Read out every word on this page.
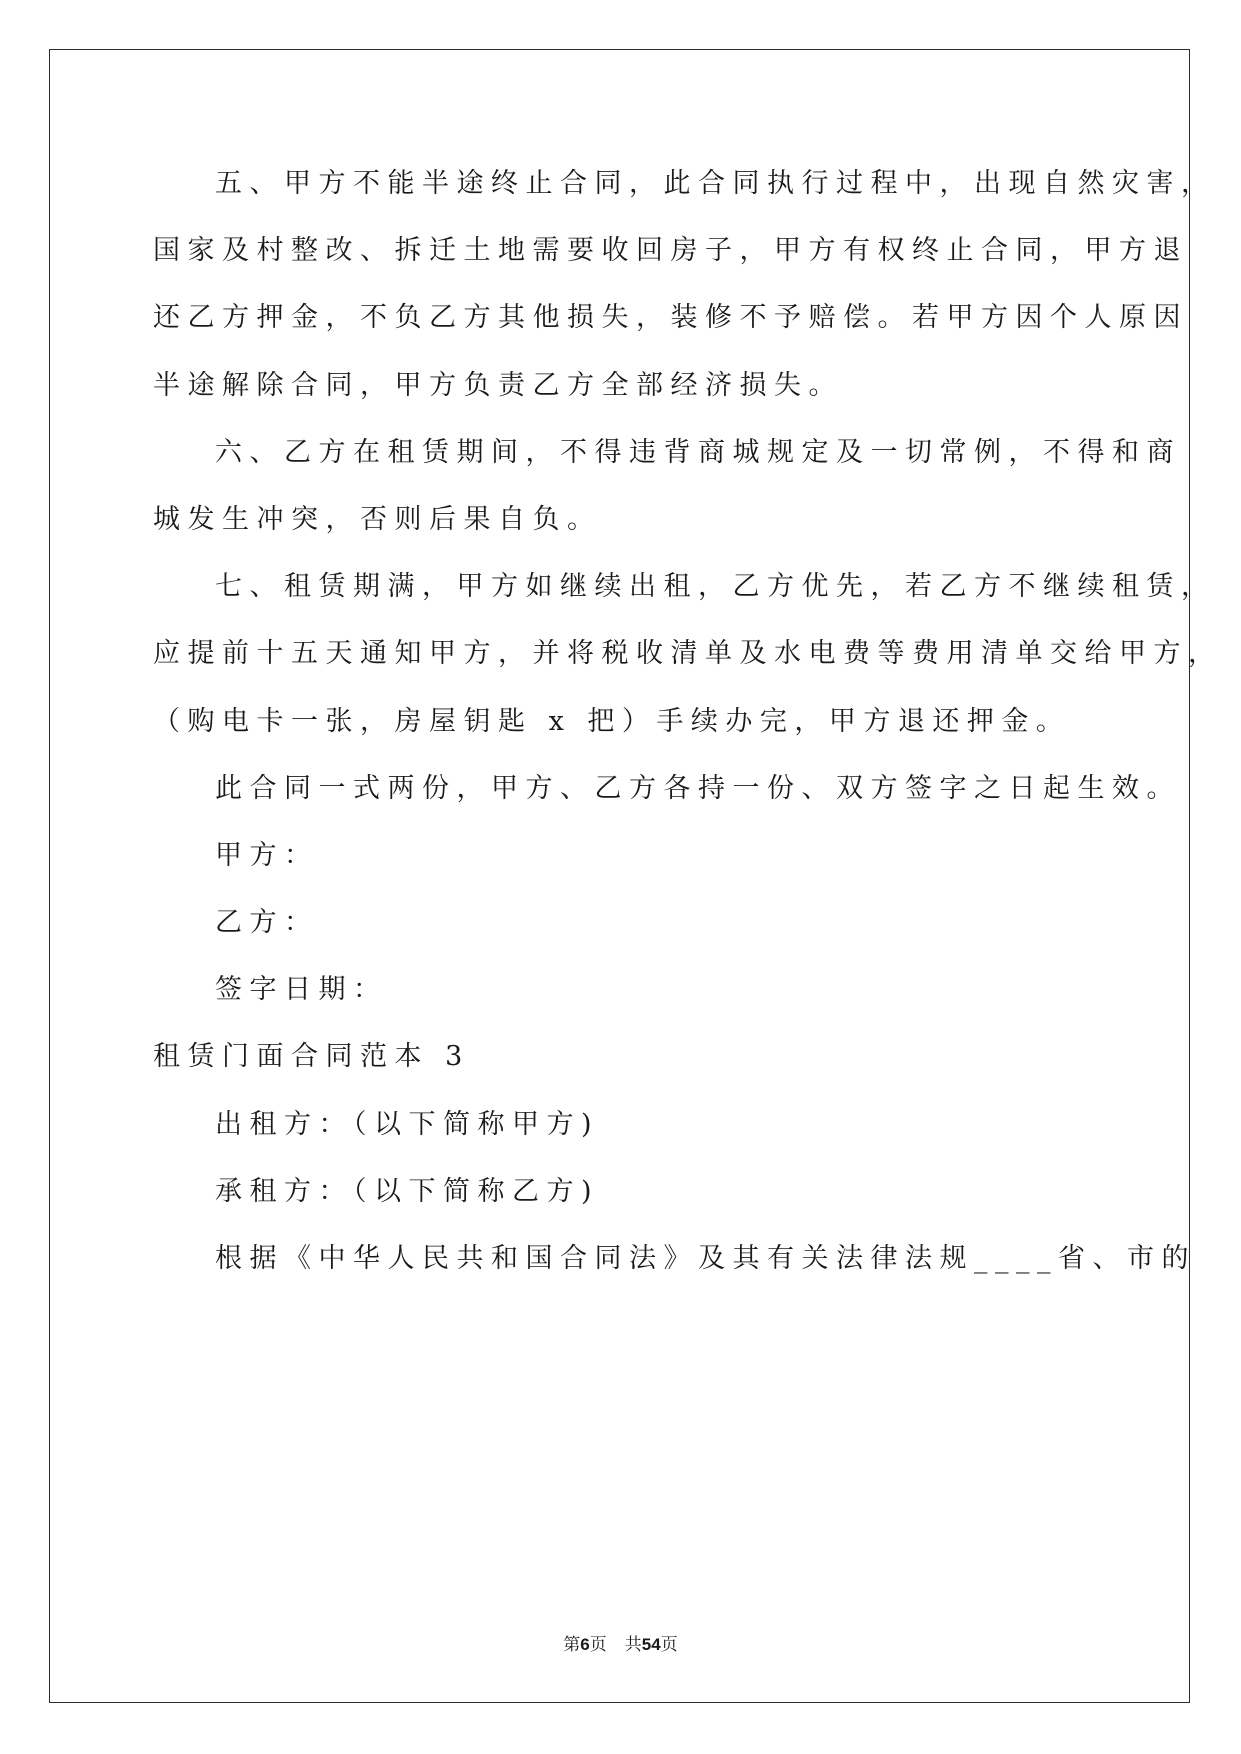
五、甲方不能半途终止合同，此合同执行过程中，出现自然灾害，
国家及村整改、拆迁土地需要收回房子，甲方有权终止合同，甲方退
还乙方押金，不负乙方其他损失，装修不予赔偿。若甲方因个人原因
半途解除合同，甲方负责乙方全部经济损失。
六、乙方在租赁期间，不得违背商城规定及一切常例，不得和商
城发生冲突，否则后果自负。
七、租赁期满，甲方如继续出租，乙方优先，若乙方不继续租赁，
应提前十五天通知甲方，并将税收清单及水电费等费用清单交给甲方，
（购电卡一张，房屋钥匙 x 把）手续办完，甲方退还押金。
此合同一式两份，甲方、乙方各持一份、双方签字之日起生效。
甲方：
乙方：
签字日期：
租赁门面合同范本 3
出租方：（以下简称甲方)
承租方：（以下简称乙方)
根据《中华人民共和国合同法》及其有关法律法规____省、市的
第6页 共54页
